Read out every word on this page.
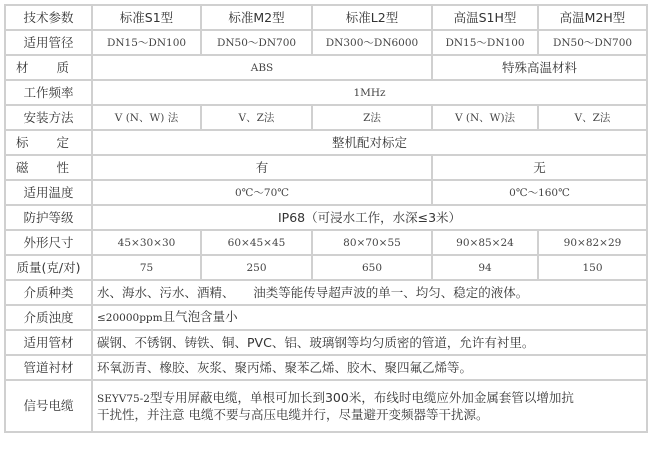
技术参数	标准S1型	标准M2型	标准L2型	高温S1H型	高温M2H型
适用管径	DN15～DN100	DN50～DN700	DN300～DN6000	DN15～DN100	DN50～DN700
材 质	ABS			特殊高温材料	
工作频率	1MHz				
安装方法	V (N、W) 法	V、Z法	Z法	V (N、W)法	V、Z法
标 定	整机配对标定				
磁 性	有			无	
适用温度	0℃～70℃			0℃～160℃	
防护等级	IP68（可浸水工作，水深≤3米）				
外形尺寸	45×30×30	60×45×45	80×70×55	90×85×24	90×82×29
质量(克/对)	75	250	650	94	150
介质种类	水、海水、污水、酒精、　　油类等能传导超声波的单一、均匀、稳定的液体。				
介质浊度	≤20000ppm且气泡含量小				
适用管材	碳钢、不锈钢、铸铁、铜、PVC、铝、玻璃钢等均匀质密的管道，允许有衬里。				
管道衬材	环氧沥青、橡胶、灰浆、聚丙烯、聚苯乙烯、胶木、聚四氟乙烯等。				
信号电缆	SEYV75-2型专用屏蔽电缆，单根可加长到300米，布线时电缆应外加金属套管以增加抗
干扰性，并注意 电缆不要与高压电缆并行，尽量避开变频器等干扰源。				
